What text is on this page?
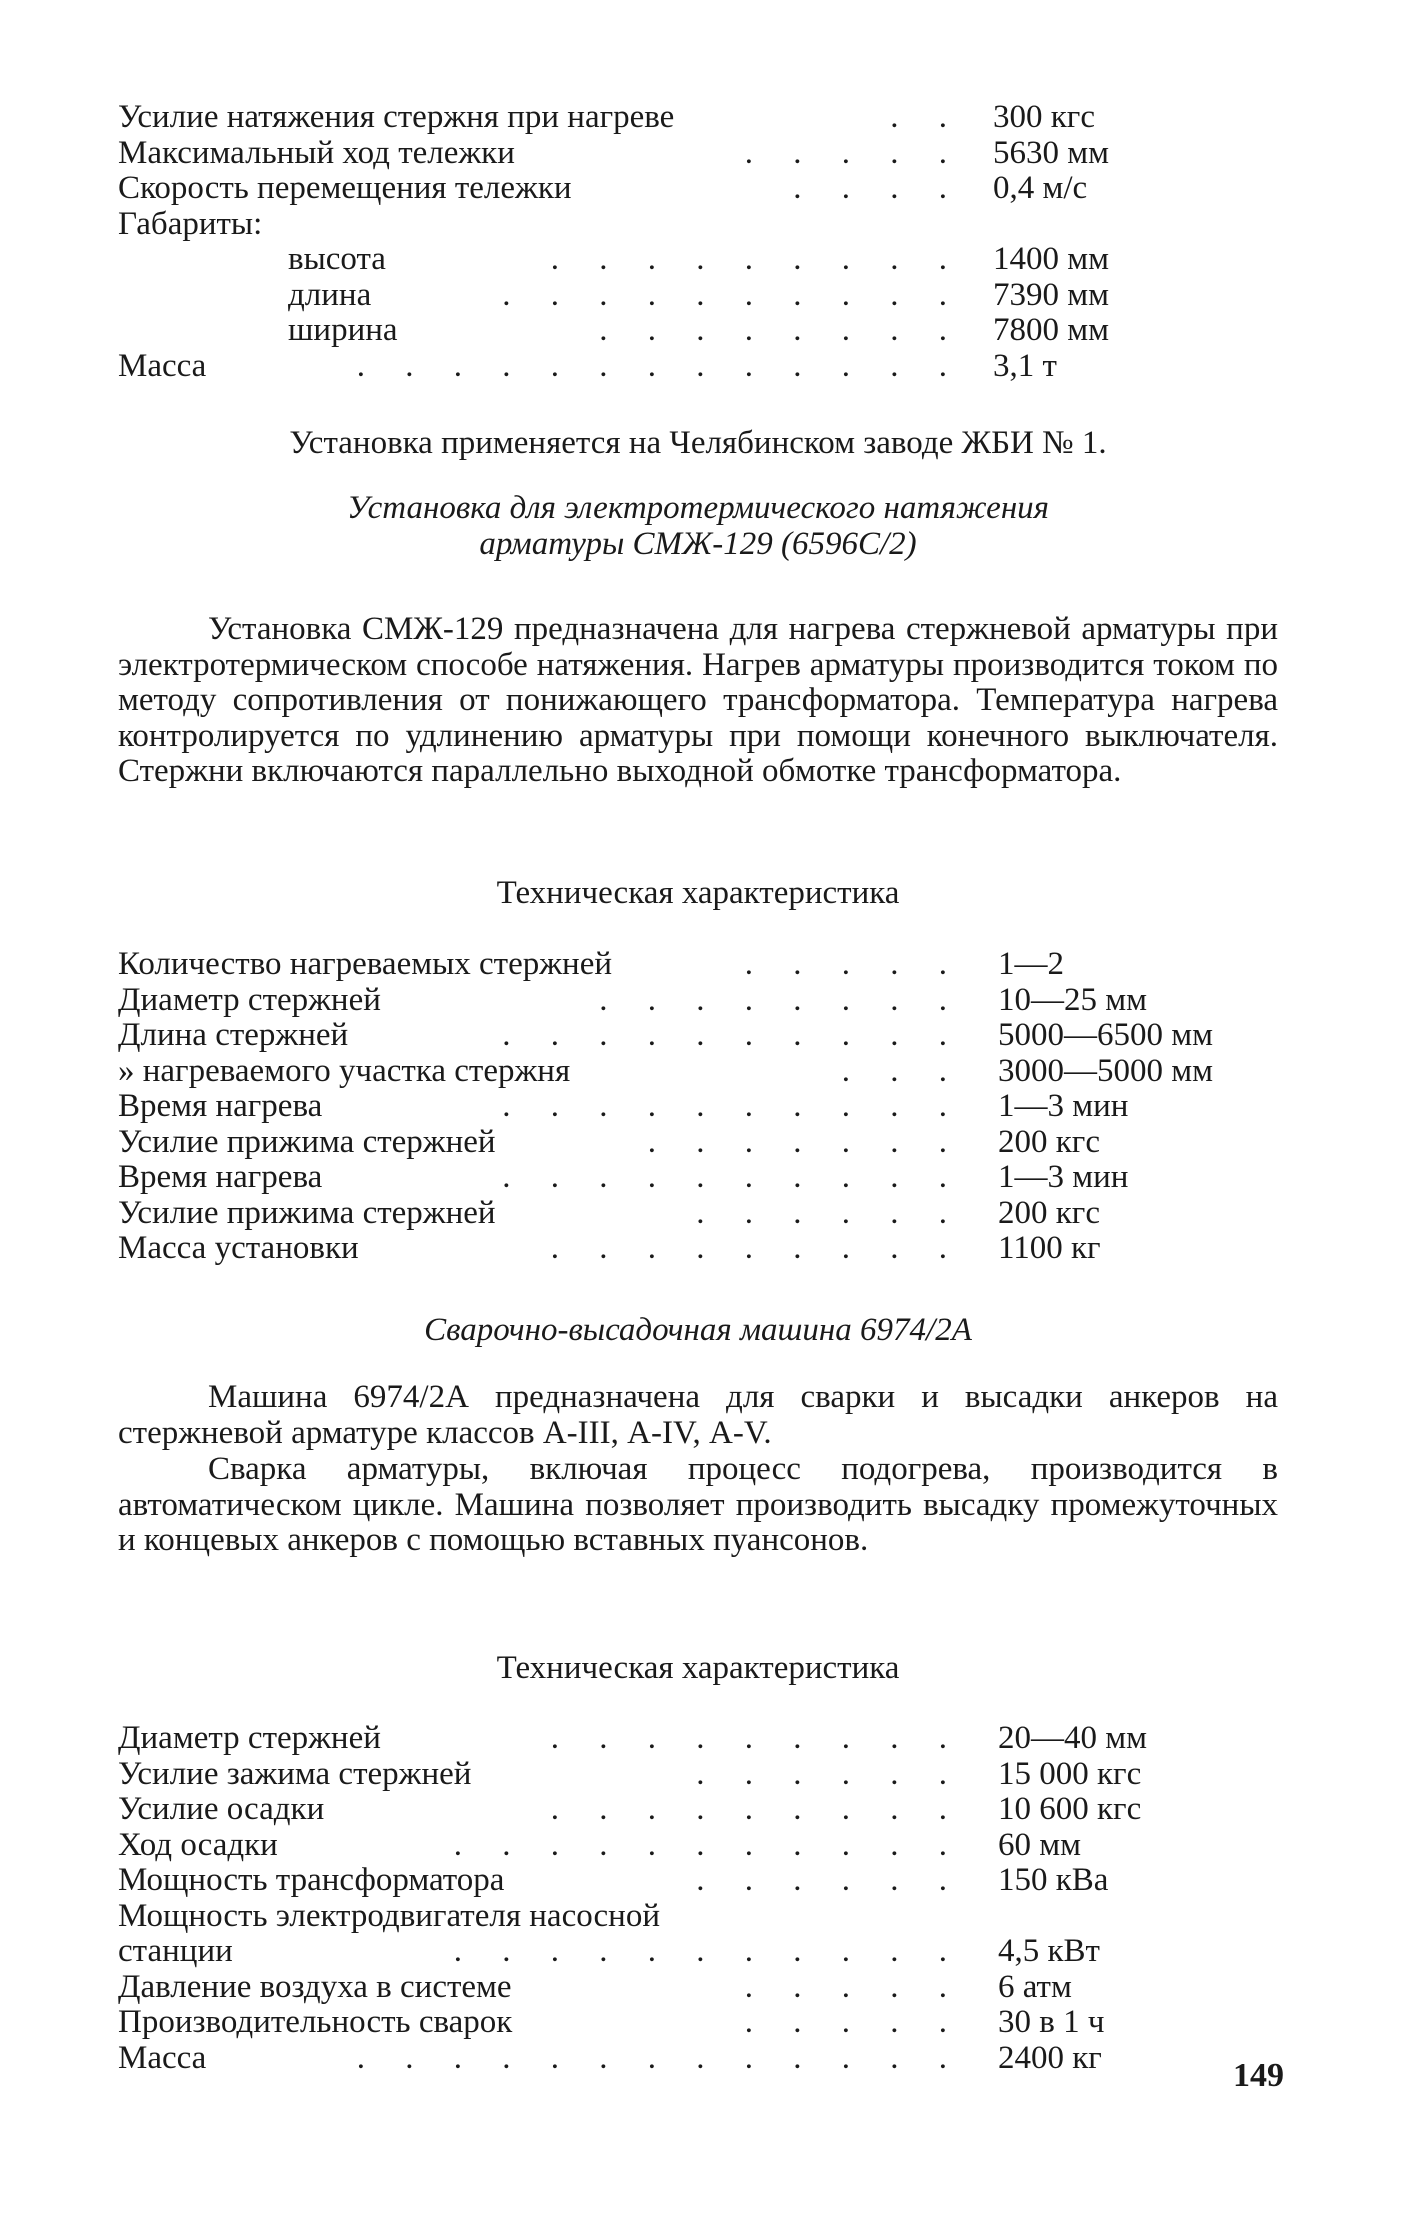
Усилие натяжения стержня при нагреве	. . 300 кгс
Максимальный ход тележки	. . . . . 5630 мм
Скорость перемещения тележки	. . . . 0,4 м/с
Габариты:
высота	. . . . . . . . . 1400 мм
длина	. . . . . . . . . . 7390 мм
ширина	. . . . . . . . 7800 мм
Масса	. . . . . . . . . . . . . 3,1 т
Установка применяется на Челябинском заводе ЖБИ № 1.
Установка для электротермического натяжения
арматуры СМЖ-129 (6596С/2)

Установка СМЖ-129 предназначена для нагрева стержневой арматуры при электротермическом способе натяжения. Нагрев арматуры производится током по методу сопротивления от понижающего трансформатора. Температура нагрева контролируется по удлинению арматуры при помощи конечного выключателя. Стержни включаются параллельно выходной обмотке трансформатора.

Техническая характеристика
Количество нагреваемых стержней	. . . . . 1—2
Диаметр стержней	. . . . . . . . 10—25 мм
Длина стержней	. . . . . . . . . . 5000—6500 мм
» нагреваемого участка стержня	. . . 3000—5000 мм
Время нагрева	. . . . . . . . . . 1—3 мин
Усилие прижима стержней	. . . . . . . 200 кгс
Время нагрева	. . . . . . . . . . 1—3 мин
Усилие прижима стержней	. . . . . . 200 кгс
Масса установки	. . . . . . . . . 1100 кг
Сварочно-высадочная машина 6974/2А

Машина 6974/2А предназначена для сварки и высадки анкеров на стержневой арматуре классов А-III, А-IV, А-V.

Сварка арматуры, включая процесс подогрева, производится в автоматическом цикле. Машина позволяет производить высадку промежуточных и концевых анкеров с помощью вставных пуансонов.

Техническая характеристика
Диаметр стержней	. . . . . . . . . 20—40 мм
Усилие зажима стержней	. . . . . . 15 000 кгс
Усилие осадки	. . . . . . . . . 10 600 кгс
Ход осадки	. . . . . . . . . . . 60 мм
Мощность трансформатора	. . . . . . 150 кВа
Мощность электродвигателя насосной
станции	. . . . . . . . . . . 4,5 кВт
Давление воздуха в системе	. . . . . 6 атм
Производительность сварок	. . . . . 30 в 1 ч
Масса	. . . . . . . . . . . . . 2400 кг	149
